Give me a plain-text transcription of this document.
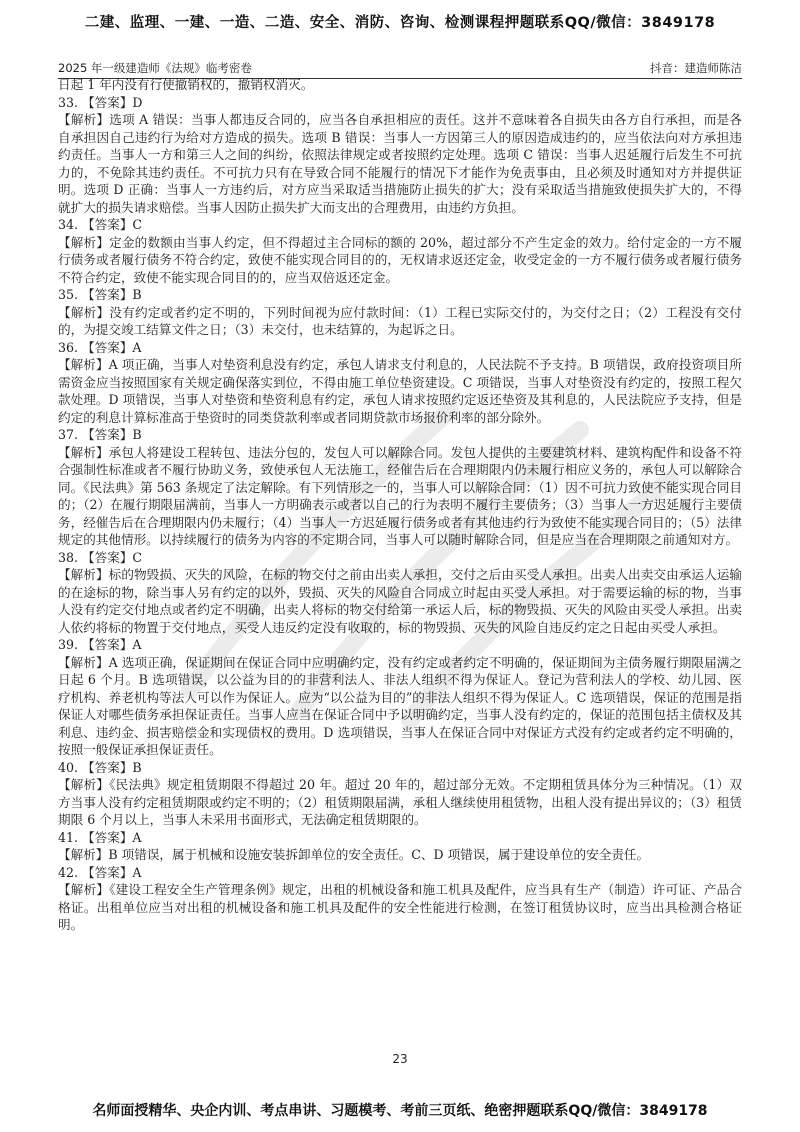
二建、监理、一建、一造、二造、安全、消防、咨询、检测课程押题联系QQ/微信：3849178
2025 年一级建造师《法规》临考密卷	抖音：建造师陈洁

日起 1 年内没有行使撤销权的，撤销权消灭。

33. 【答案】D

【解析】选项 A 错误：当事人都违反合同的，应当各自承担相应的责任。这并不意味着各自损失由各方自行承担，而是各自承担因自己违约行为给对方造成的损失。选项 B 错误：当事人一方因第三人的原因造成违约的，应当依法向对方承担违约责任。当事人一方和第三人之间的纠纷，依照法律规定或者按照约定处理。选项 C 错误：当事人迟延履行后发生不可抗力的，不免除其违约责任。不可抗力只有在导致合同不能履行的情况下才能作为免责事由，且必须及时通知对方并提供证明。选项 D 正确：当事人一方违约后，对方应当采取适当措施防止损失的扩大；没有采取适当措施致使损失扩大的，不得就扩大的损失请求赔偿。当事人因防止损失扩大而支出的合理费用，由违约方负担。

34. 【答案】C

【解析】定金的数额由当事人约定，但不得超过主合同标的额的 20%，超过部分不产生定金的效力。给付定金的一方不履行债务或者履行债务不符合约定，致使不能实现合同目的的，无权请求返还定金，收受定金的一方不履行债务或者履行债务不符合约定，致使不能实现合同目的的，应当双倍返还定金。

35. 【答案】B

【解析】没有约定或者约定不明的，下列时间视为应付款时间：（1）工程已实际交付的，为交付之日；（2）工程没有交付的，为提交竣工结算文件之日；（3）未交付，也未结算的，为起诉之日。

36. 【答案】A

【解析】A 项正确，当事人对垫资利息没有约定，承包人请求支付利息的，人民法院不予支持。B 项错误，政府投资项目所需资金应当按照国家有关规定确保落实到位，不得由施工单位垫资建设。C 项错误，当事人对垫资没有约定的，按照工程欠款处理。D 项错误，当事人对垫资和垫资利息有约定，承包人请求按照约定返还垫资及其利息的，人民法院应予支持，但是约定的利息计算标准高于垫资时的同类贷款利率或者同期贷款市场报价利率的部分除外。

37. 【答案】B

【解析】承包人将建设工程转包、违法分包的，发包人可以解除合同。发包人提供的主要建筑材料、建筑构配件和设备不符合强制性标准或者不履行协助义务，致使承包人无法施工，经催告后在合理期限内仍未履行相应义务的，承包人可以解除合同。《民法典》第 563 条规定了法定解除。有下列情形之一的，当事人可以解除合同：（1）因不可抗力致使不能实现合同目的；（2）在履行期限届满前，当事人一方明确表示或者以自己的行为表明不履行主要债务；（3）当事人一方迟延履行主要债务，经催告后在合理期限内仍未履行；（4）当事人一方迟延履行债务或者有其他违约行为致使不能实现合同目的；（5）法律规定的其他情形。以持续履行的债务为内容的不定期合同，当事人可以随时解除合同，但是应当在合理期限之前通知对方。

38. 【答案】C

【解析】标的物毁损、灭失的风险，在标的物交付之前由出卖人承担，交付之后由买受人承担。出卖人出卖交由承运人运输的在途标的物，除当事人另有约定的以外，毁损、灭失的风险自合同成立时起由买受人承担。对于需要运输的标的物，当事人没有约定交付地点或者约定不明确，出卖人将标的物交付给第一承运人后，标的物毁损、灭失的风险由买受人承担。出卖人依约将标的物置于交付地点，买受人违反约定没有收取的，标的物毁损、灭失的风险自违反约定之日起由买受人承担。

39. 【答案】A

【解析】A 选项正确，保证期间在保证合同中应明确约定，没有约定或者约定不明确的，保证期间为主债务履行期限届满之日起 6 个月。B 选项错误，以公益为目的的非营利法人、非法人组织不得为保证人。登记为营利法人的学校、幼儿园、医疗机构、养老机构等法人可以作为保证人。应为“以公益为目的”的非法人组织不得为保证人。C 选项错误，保证的范围是指保证人对哪些债务承担保证责任。当事人应当在保证合同中予以明确约定，当事人没有约定的，保证的范围包括主债权及其利息、违约金、损害赔偿金和实现债权的费用。D 选项错误，当事人在保证合同中对保证方式没有约定或者约定不明确的，按照一般保证承担保证责任。

40. 【答案】B

【解析】《民法典》规定租赁期限不得超过 20 年。超过 20 年的，超过部分无效。不定期租赁具体分为三种情况。（1）双方当事人没有约定租赁期限或约定不明的；（2）租赁期限届满，承租人继续使用租赁物，出租人没有提出异议的；（3）租赁期限 6 个月以上，当事人未采用书面形式，无法确定租赁期限的。

41. 【答案】A

【解析】B 项错误，属于机械和设施安装拆卸单位的安全责任。C、D 项错误，属于建设单位的安全责任。

42. 【答案】A

【解析】《建设工程安全生产管理条例》规定，出租的机械设备和施工机具及配件，应当具有生产（制造）许可证、产品合格证。出租单位应当对出租的机械设备和施工机具及配件的安全性能进行检测，在签订租赁协议时，应当出具检测合格证明。

23
名师面授精华、央企内训、考点串讲、习题模考、考前三页纸、绝密押题联系QQ/微信：3849178
